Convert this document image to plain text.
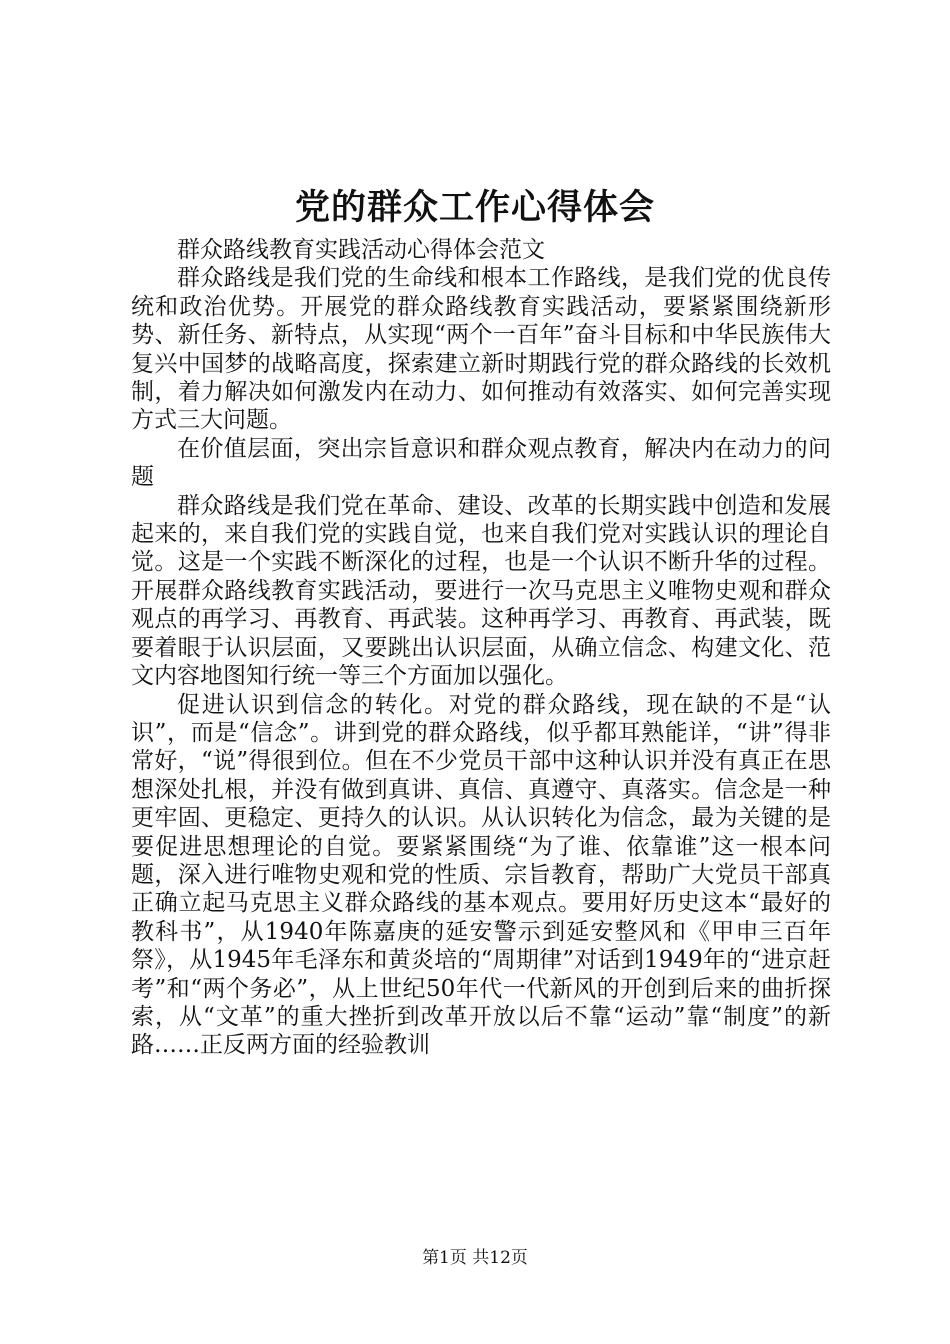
党的群众工作心得体会

群众路线教育实践活动心得体会范文

群众路线是我们党的生命线和根本工作路线，是我们党的优良传统和政治优势。开展党的群众路线教育实践活动，要紧紧围绕新形势、新任务、新特点，从实现“两个一百年”奋斗目标和中华民族伟大复兴中国梦的战略高度，探索建立新时期践行党的群众路线的长效机制，着力解决如何激发内在动力、如何推动有效落实、如何完善实现方式三大问题。

在价值层面，突出宗旨意识和群众观点教育，解决内在动力的问题

群众路线是我们党在革命、建设、改革的长期实践中创造和发展起来的，来自我们党的实践自觉，也来自我们党对实践认识的理论自觉。这是一个实践不断深化的过程，也是一个认识不断升华的过程。开展群众路线教育实践活动，要进行一次马克思主义唯物史观和群众观点的再学习、再教育、再武装。这种再学习、再教育、再武装，既要着眼于认识层面，又要跳出认识层面，从确立信念、构建文化、范文内容地图知行统一等三个方面加以强化。

促进认识到信念的转化。对党的群众路线，现在缺的不是“认识”，而是“信念”。讲到党的群众路线，似乎都耳熟能详，“讲”得非常好，“说”得很到位。但在不少党员干部中这种认识并没有真正在思想深处扎根，并没有做到真讲、真信、真遵守、真落实。信念是一种更牢固、更稳定、更持久的认识。从认识转化为信念，最为关键的是要促进思想理论的自觉。要紧紧围绕“为了谁、依靠谁”这一根本问题，深入进行唯物史观和党的性质、宗旨教育，帮助广大党员干部真正确立起马克思主义群众路线的基本观点。要用好历史这本“最好的教科书”，从1940年陈嘉庚的延安警示到延安整风和《甲申三百年祭》，从1945年毛泽东和黄炎培的“周期律”对话到1949年的“进京赶考”和“两个务必”，从上世纪50年代一代新风的开创到后来的曲折探索，从“文革”的重大挫折到改革开放以后不靠“运动”靠“制度”的新路……正反两方面的经验教训

第1页 共12页
